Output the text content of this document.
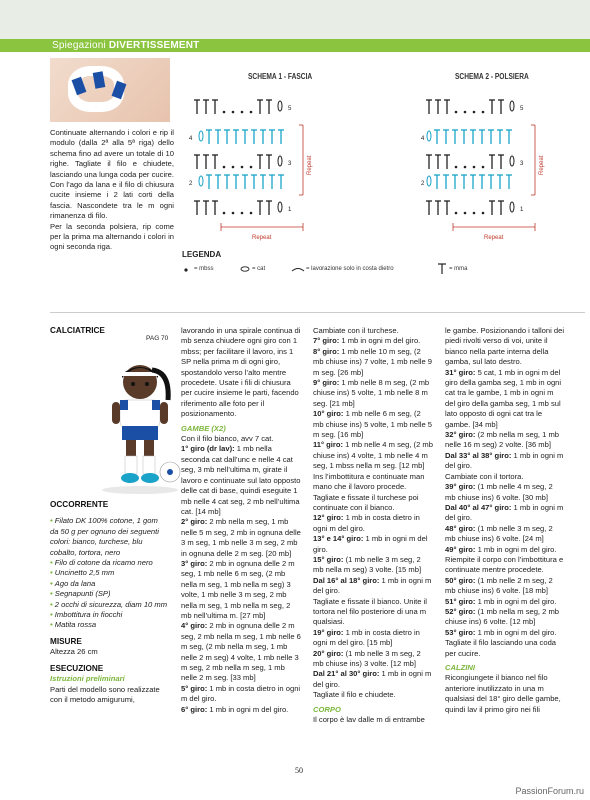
Spiegazioni DIVERTISSEMENT

Continuate alternando i colori e rip il modulo (dalla 2ª alla 5ª riga) dello schema fino ad avere un totale di 10 righe. Tagliate il filo e chiudete, lasciando una lunga coda per cucire. Con l’ago da lana e il filo di chiusura cucite insieme i 2 lati corti della fascia. Nascondete tra le m ogni rimanenza di filo.

Per la seconda polsiera, rip come per la prima ma alternando i colori in ogni seconda riga.

SCHEMA 1 - FASCIA	SCHEMA 2 - POLSIERA
5
4
3
2
1
Repeat
Repeat
5
4
3
2
1
Repeat
Repeat
LEGENDA
= mbss	= cat	= lavorazione solo in costa dietro	= mma
CALCIATRICE
PAG 70
OCCORRENTE
• Filato DK 100% cotone, 1 gom da 50 g per ognuno dei seguenti colori: bianco, turchese, blu cobalto, tortora, nero
• Filo di cotone da ricamo nero
• Uncinetto 2,5 mm
• Ago da lana
• Segnapunti (SP)
• 2 occhi di sicurezza, diam 10 mm
• Imbottitura in fiocchi
• Matita rossa
MISURE
Altezza 26 cm
ESECUZIONE
Istruzioni preliminari
Parti del modello sono realizzate con il metodo amigurumi,
lavorando in una spirale continua di mb senza chiudere ogni giro con 1 mbss; per facilitare il lavoro, ins 1 SP nella prima m di ogni giro, spostandolo verso l’alto mentre procedete. Usate i fili di chiusura per cucire insieme le parti, facendo riferimento alle foto per il posizionamento.
GAMBE (X2)
Con il filo bianco, avv 7 cat.
1° giro (dr lav): 1 mb nella seconda cat dall’unc e nelle 4 cat seg, 3 mb nell’ultima m, girate il lavoro e continuate sul lato opposto delle cat di base, quindi eseguite 1 mb nelle 4 cat seg, 2 mb nell’ultima cat. [14 mb]
2° giro: 2 mb nella m seg, 1 mb nelle 5 m seg, 2 mb in ognuna delle 3 m seg, 1 mb nelle 3 m seg, 2 mb in ognuna delle 2 m seg. [20 mb]
3° giro: 2 mb in ognuna delle 2 m seg, 1 mb nelle 6 m seg, (2 mb nella m seg, 1 mb nella m seg) 3 volte, 1 mb nelle 3 m seg, 2 mb nella m seg, 1 mb nella m seg, 2 mb nell’ultima m. [27 mb]
4° giro: 2 mb in ognuna delle 2 m seg, 2 mb nella m seg, 1 mb nelle 6 m seg, (2 mb nella m seg, 1 mb nelle 2 m seg) 4 volte, 1 mb nelle 3 m seg, 2 mb nella m seg, 1 mb nelle 2 m seg. [33 mb]
5° giro: 1 mb in costa dietro in ogni m del giro.
6° giro: 1 mb in ogni m del giro.
Cambiate con il turchese.
7° giro: 1 mb in ogni m del giro.
8° giro: 1 mb nelle 10 m seg, (2 mb chiuse ins) 7 volte, 1 mb nelle 9 m seg. [26 mb]
9° giro: 1 mb nelle 8 m seg, (2 mb chiuse ins) 5 volte, 1 mb nelle 8 m seg. [21 mb]
10° giro: 1 mb nelle 6 m seg, (2 mb chiuse ins) 5 volte, 1 mb nelle 5 m seg. [16 mb]
11° giro: 1 mb nelle 4 m seg, (2 mb chiuse ins) 4 volte, 1 mb nelle 4 m seg, 1 mbss nella m seg. [12 mb]
Ins l’imbottitura e continuate man mano che il lavoro procede. Tagliate e fissate il turchese poi continuate con il bianco.
12° giro: 1 mb in costa dietro in ogni m del giro.
13° e 14° giro: 1 mb in ogni m del giro.
15° giro: (1 mb nelle 3 m seg, 2 mb nella m seg) 3 volte. [15 mb]
Dal 16° al 18° giro: 1 mb in ogni m del giro.
Tagliate e fissate il bianco. Unite il tortora nel filo posteriore di una m qualsiasi.
19° giro: 1 mb in costa dietro in ogni m del giro. [15 mb]
20° giro: (1 mb nelle 3 m seg, 2 mb chiuse ins) 3 volte. [12 mb]
Dal 21° al 30° giro: 1 mb in ogni m del giro.
Tagliate il filo e chiudete.
CORPO
Il corpo è lav dalle m di entrambe
le gambe. Posizionando i talloni dei piedi rivolti verso di voi, unite il bianco nella parte interna della gamba, sul lato destro.
31° giro: 5 cat, 1 mb in ogni m del giro della gamba seg, 1 mb in ogni cat tra le gambe, 1 mb in ogni m del giro della gamba seg, 1 mb sul lato opposto di ogni cat tra le gambe. [34 mb]
32° giro: (2 mb nella m seg, 1 mb nelle 16 m seg) 2 volte. [36 mb]
Dal 33° al 38° giro: 1 mb in ogni m del giro.
Cambiate con il tortora.
39° giro: (1 mb nelle 4 m seg, 2 mb chiuse ins) 6 volte. [30 mb]
Dal 40° al 47° giro: 1 mb in ogni m del giro.
48° giro: (1 mb nelle 3 m seg, 2 mb chiuse ins) 6 volte. [24 m]
49° giro: 1 mb in ogni m del giro.
Riempite il corpo con l’imbottitura e continuate mentre procedete.
50° giro: (1 mb nelle 2 m seg, 2 mb chiuse ins) 6 volte. [18 mb]
51° giro: 1 mb in ogni m del giro.
52° giro: (1 mb nella m seg, 2 mb chiuse ins) 6 volte. [12 mb]
53° giro: 1 mb in ogni m del giro.
Tagliate il filo lasciando una coda per cucire.
CALZINI
Ricongiungete il bianco nel filo anteriore inutilizzato in una m qualsiasi del 18° giro delle gambe, quindi lav il primo giro nei fili
50
PassionForum.ru
